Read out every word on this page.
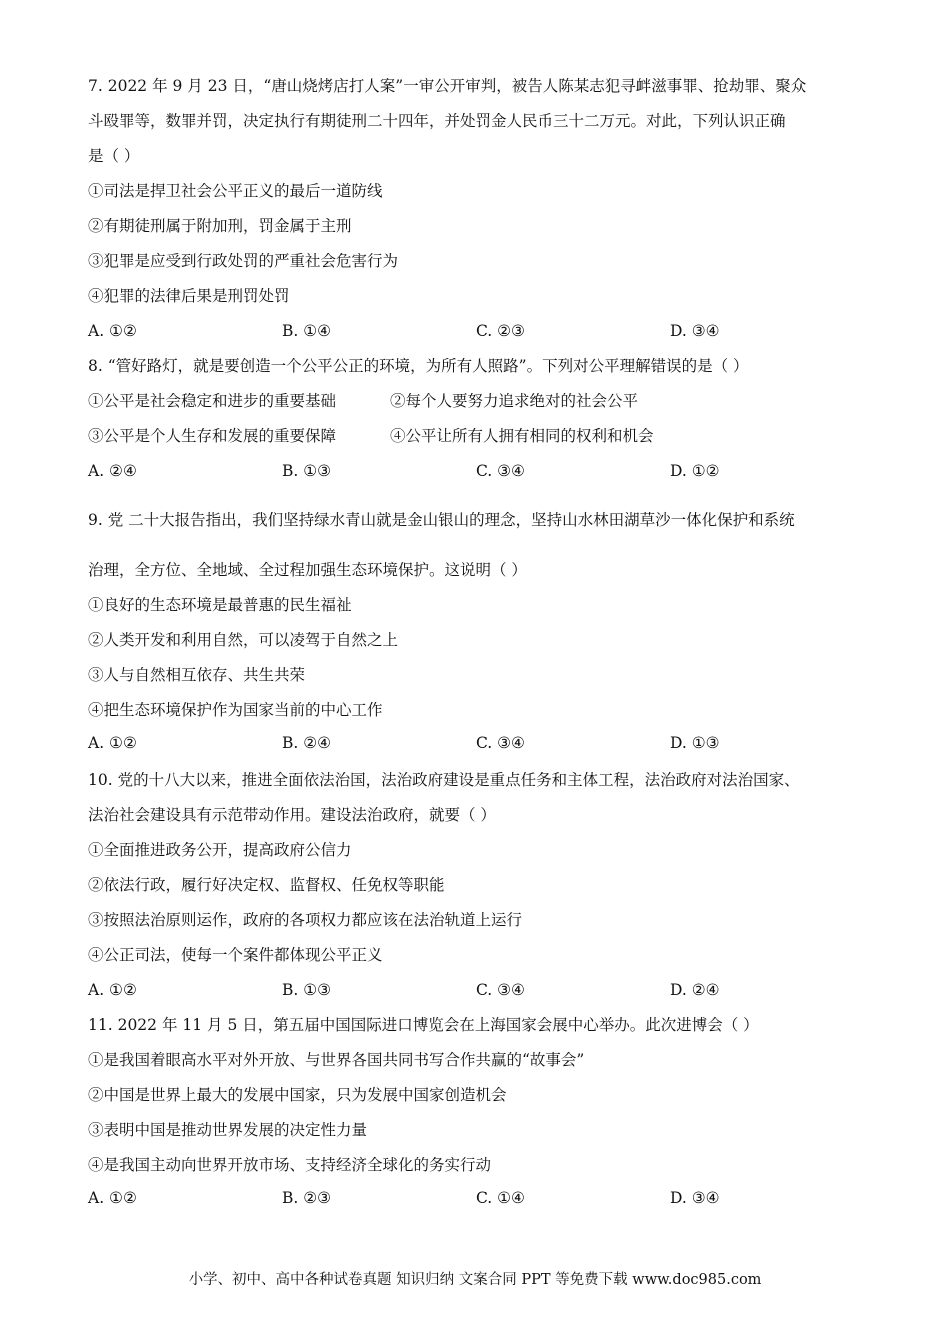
7. 2022 年 9 月 23 日，“唐山烧烤店打人案”一审公开审判，被告人陈某志犯寻衅滋事罪、抢劫罪、聚众
斗殴罪等，数罪并罚，决定执行有期徒刑二十四年，并处罚金人民币三十二万元。对此，下列认识正确
是（ ）
①司法是捍卫社会公平正义的最后一道防线
②有期徒刑属于附加刑，罚金属于主刑
③犯罪是应受到行政处罚的严重社会危害行为
④犯罪的法律后果是刑罚处罚
A. ①②	B. ①④	C. ②③	D. ③④
8. “管好路灯，就是要创造一个公平公正的环境，为所有人照路”。下列对公平理解错误的是（ ）
①公平是社会稳定和进步的重要基础	②每个人要努力追求绝对的社会公平
③公平是个人生存和发展的重要保障	④公平让所有人拥有相同的权利和机会
A. ②④	B. ①③	C. ③④	D. ①②
9. 党 二十大报告指出，我们坚持绿水青山就是金山银山的理念，坚持山水林田湖草沙一体化保护和系统
治理，全方位、全地域、全过程加强生态环境保护。这说明（ ）
①良好的生态环境是最普惠的民生福祉
②人类开发和利用自然，可以凌驾于自然之上
③人与自然相互依存、共生共荣
④把生态环境保护作为国家当前的中心工作
A. ①②	B. ②④	C. ③④	D. ①③
10. 党的十八大以来，推进全面依法治国，法治政府建设是重点任务和主体工程，法治政府对法治国家、
法治社会建设具有示范带动作用。建设法治政府，就要（ ）
①全面推进政务公开，提高政府公信力
②依法行政，履行好决定权、监督权、任免权等职能
③按照法治原则运作，政府的各项权力都应该在法治轨道上运行
④公正司法，使每一个案件都体现公平正义
A. ①②	B. ①③	C. ③④	D. ②④
11. 2022 年 11 月 5 日，第五届中国国际进口博览会在上海国家会展中心举办。此次进博会（ ）
①是我国着眼高水平对外开放、与世界各国共同书写合作共赢的“故事会”
②中国是世界上最大的发展中国家，只为发展中国家创造机会
③表明中国是推动世界发展的决定性力量
④是我国主动向世界开放市场、支持经济全球化的务实行动
A. ①②	B. ②③	C. ①④	D. ③④
小学、初中、高中各种试卷真题 知识归纳 文案合同 PPT 等免费下载 www.doc985.com
